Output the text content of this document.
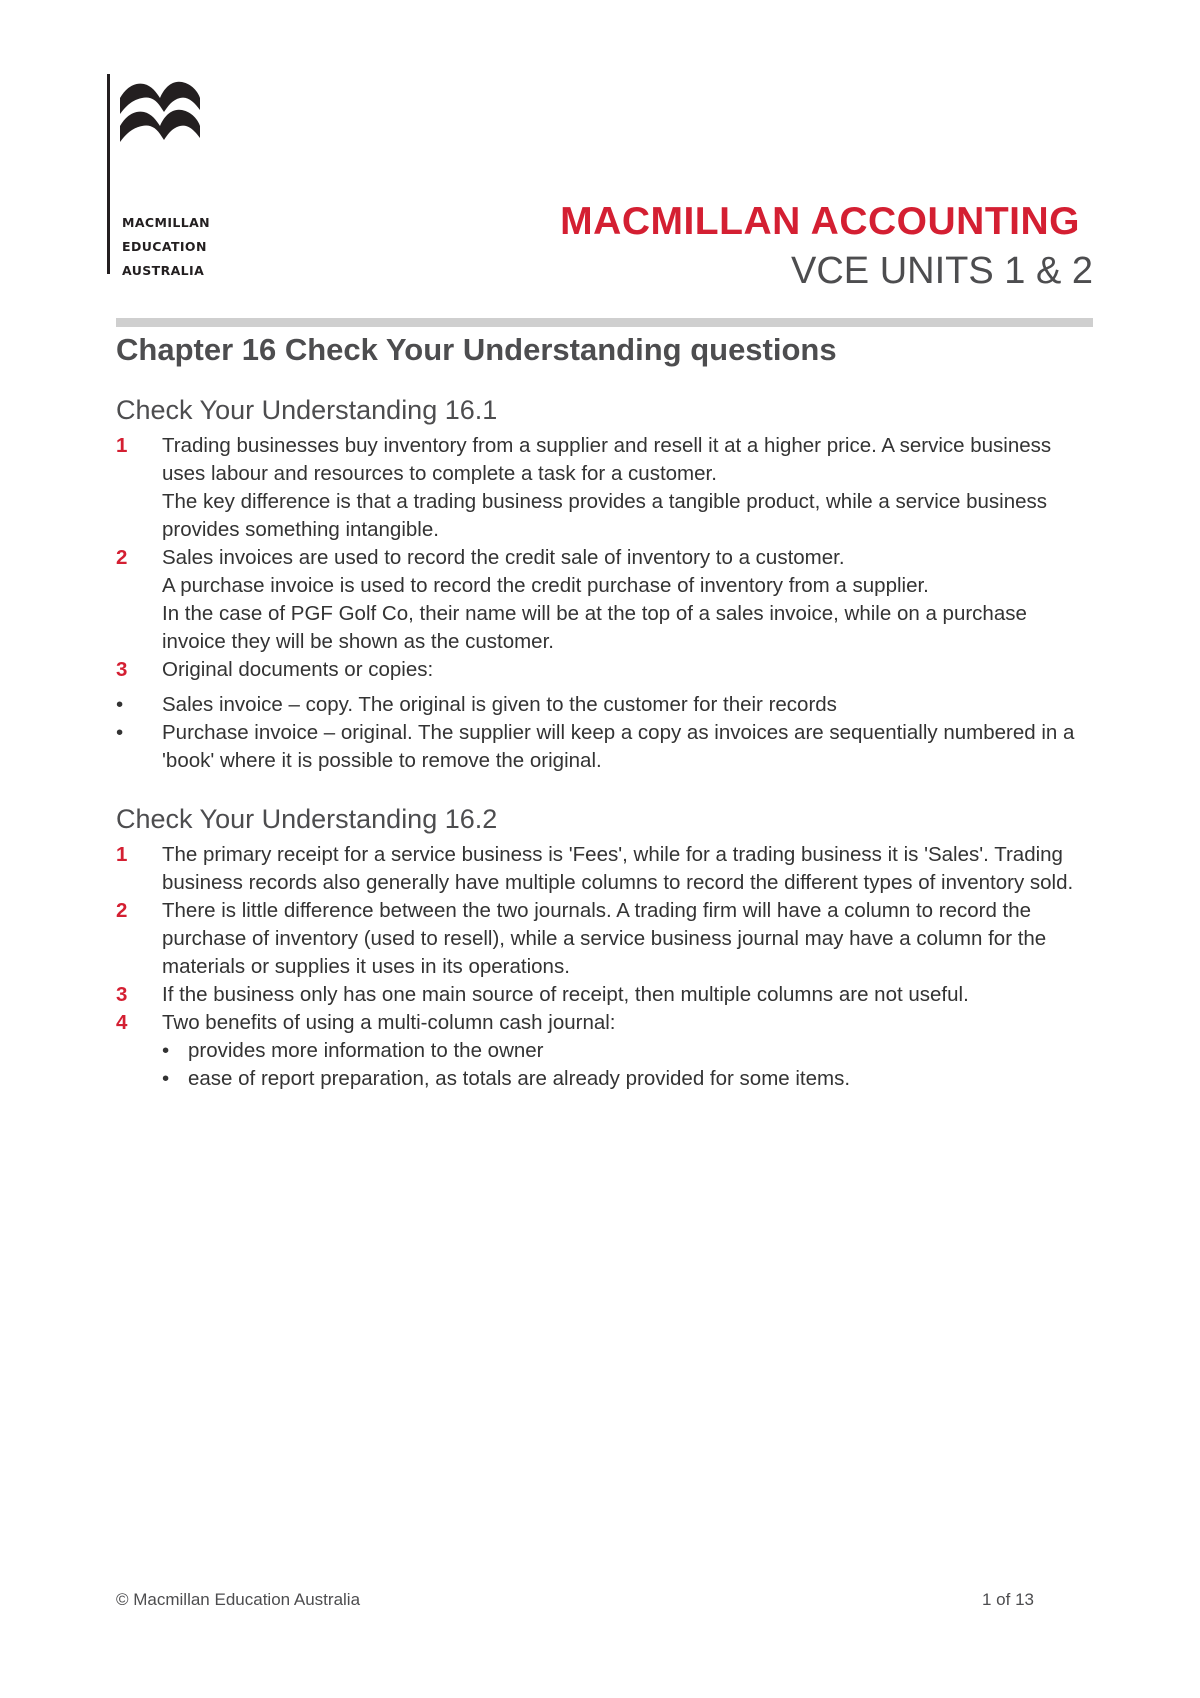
MACMILLAN
EDUCATION
AUSTRALIA
MACMILLAN ACCOUNTING
VCE UNITS 1 & 2
Chapter 16 Check Your Understanding questions
Check Your Understanding 16.1
1 Trading businesses buy inventory from a supplier and resell it at a higher price. A service business uses labour and resources to complete a task for a customer.

The key difference is that a trading business provides a tangible product, while a service business provides something intangible.

2 Sales invoices are used to record the credit sale of inventory to a customer.

A purchase invoice is used to record the credit purchase of inventory from a supplier.

In the case of PGF Golf Co, their name will be at the top of a sales invoice, while on a purchase invoice they will be shown as the customer.

3 Original documents or copies:

• Sales invoice – copy. The original is given to the customer for their records
• Purchase invoice – original. The supplier will keep a copy as invoices are sequentially numbered in a 'book' where it is possible to remove the original.
Check Your Understanding 16.2
1 The primary receipt for a service business is 'Fees', while for a trading business it is 'Sales'. Trading business records also generally have multiple columns to record the different types of inventory sold.

2 There is little difference between the two journals. A trading firm will have a column to record the purchase of inventory (used to resell), while a service business journal may have a column for the materials or supplies it uses in its operations.

3 If the business only has one main source of receipt, then multiple columns are not useful.

4 Two benefits of using a multi-column cash journal:

• provides more information to the owner
• ease of report preparation, as totals are already provided for some items.
© Macmillan Education Australia	1 of 13
